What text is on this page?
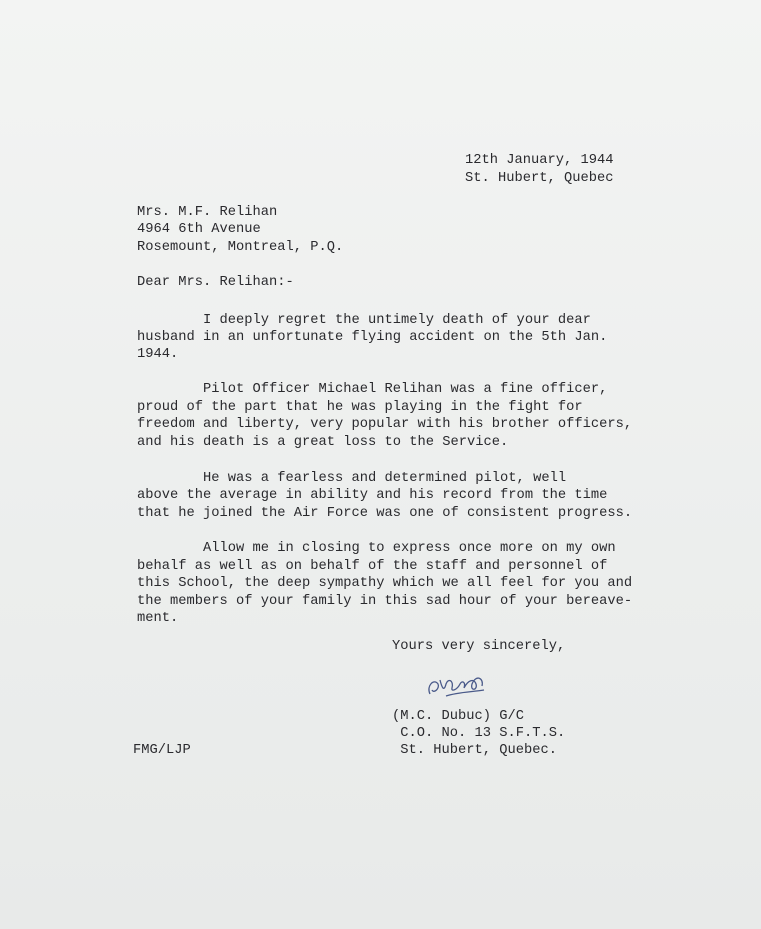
12th January, 1944
St. Hubert, Quebec
Mrs. M.F. Relihan
4964 6th Avenue
Rosemount, Montreal, P.Q.
Dear Mrs. Relihan:-
I deeply regret the untimely death of your dear
husband in an unfortunate flying accident on the 5th Jan.
1944.
Pilot Officer Michael Relihan was a fine officer,
proud of the part that he was playing in the fight for
freedom and liberty, very popular with his brother officers,
and his death is a great loss to the Service.
He was a fearless and determined pilot, well
above the average in ability and his record from the time
that he joined the Air Force was one of consistent progress.
Allow me in closing to express once more on my own
behalf as well as on behalf of the staff and personnel of
this School, the deep sympathy which we all feel for you and
the members of your family in this sad hour of your bereave-
ment.
Yours very sincerely,
(M.C. Dubuc) G/C
C.O. No. 13 S.F.T.S.
St. Hubert, Quebec.
FMG/LJP
